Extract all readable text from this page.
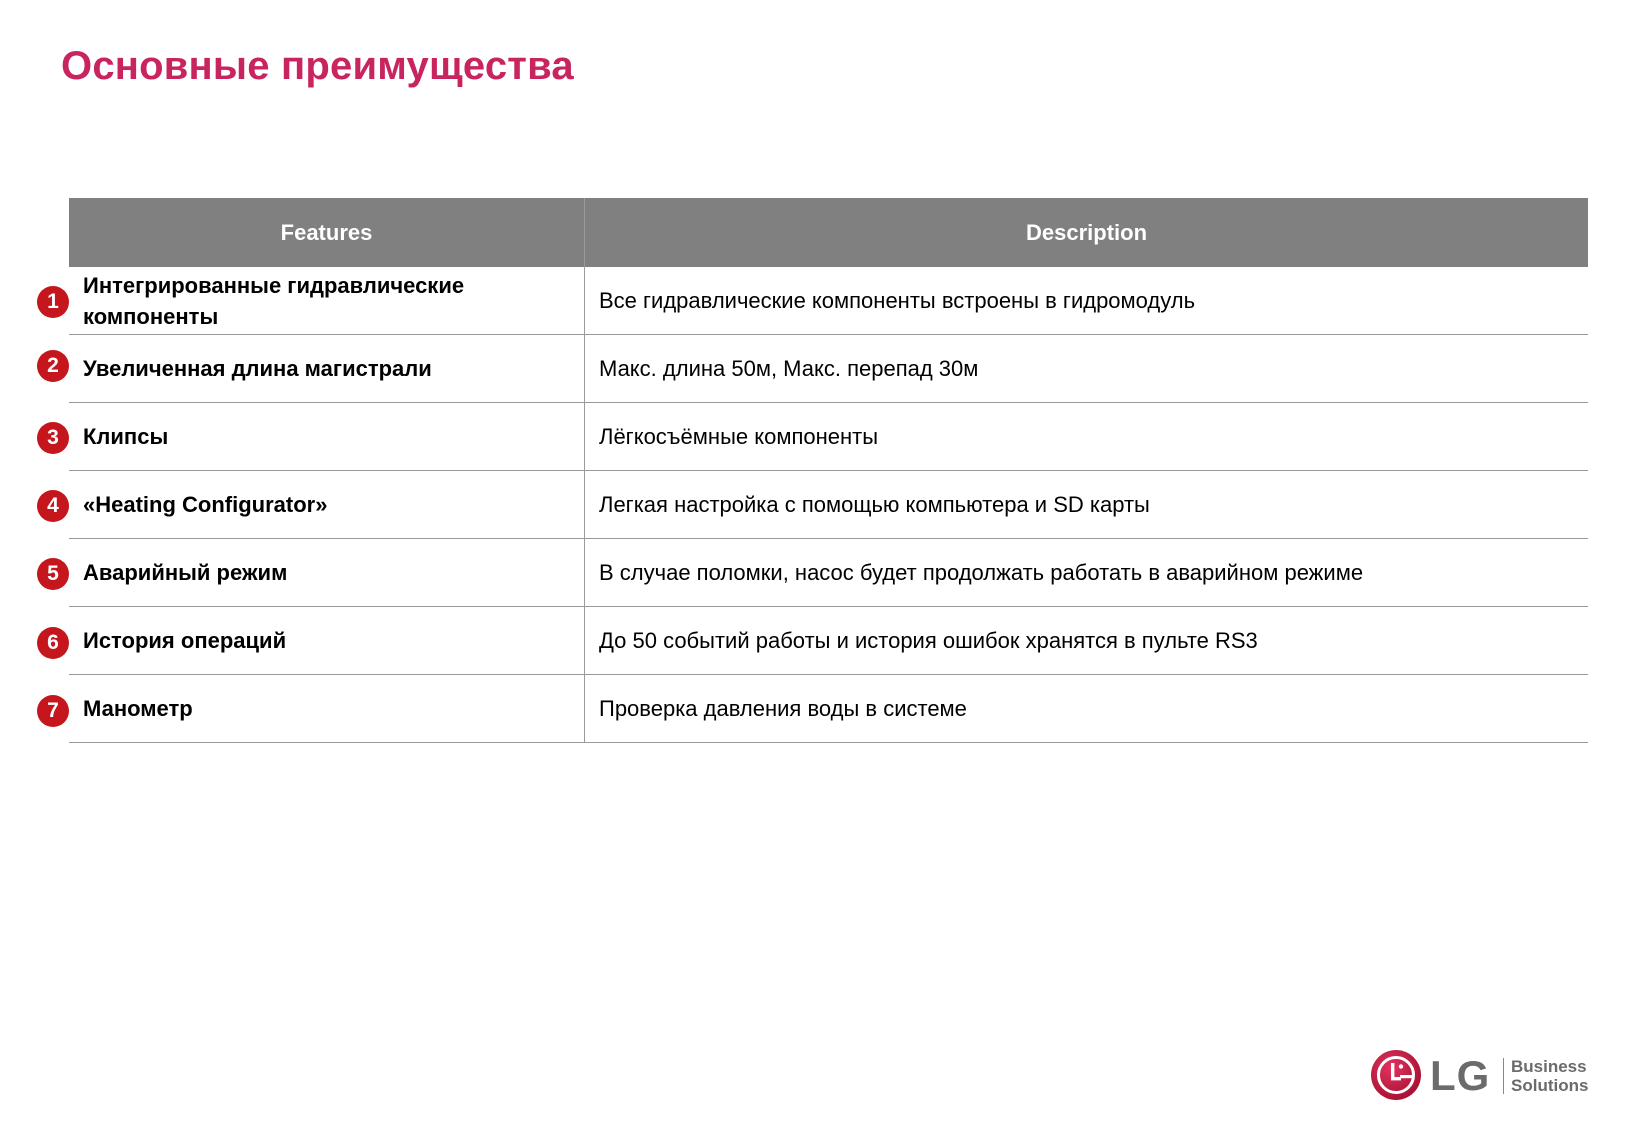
Основные преимущества
Features	Description
Интегрированные гидравлические компоненты	Все гидравлические компоненты встроены в гидромодуль
Увеличенная длина магистрали	Макс. длина 50м, Макс. перепад 30м
Клипсы	Лёгкосъёмные компоненты
«Heating Configurator»	Легкая настройка с помощью компьютера и SD карты
Аварийный режим	В случае поломки, насос будет продолжать работать в аварийном режиме
История операций	До 50 событий работы и история ошибок хранятся в пульте RS3
Манометр	Проверка давления воды в системе
1
2
3
4
5
6
7
LG Business
Solutions
